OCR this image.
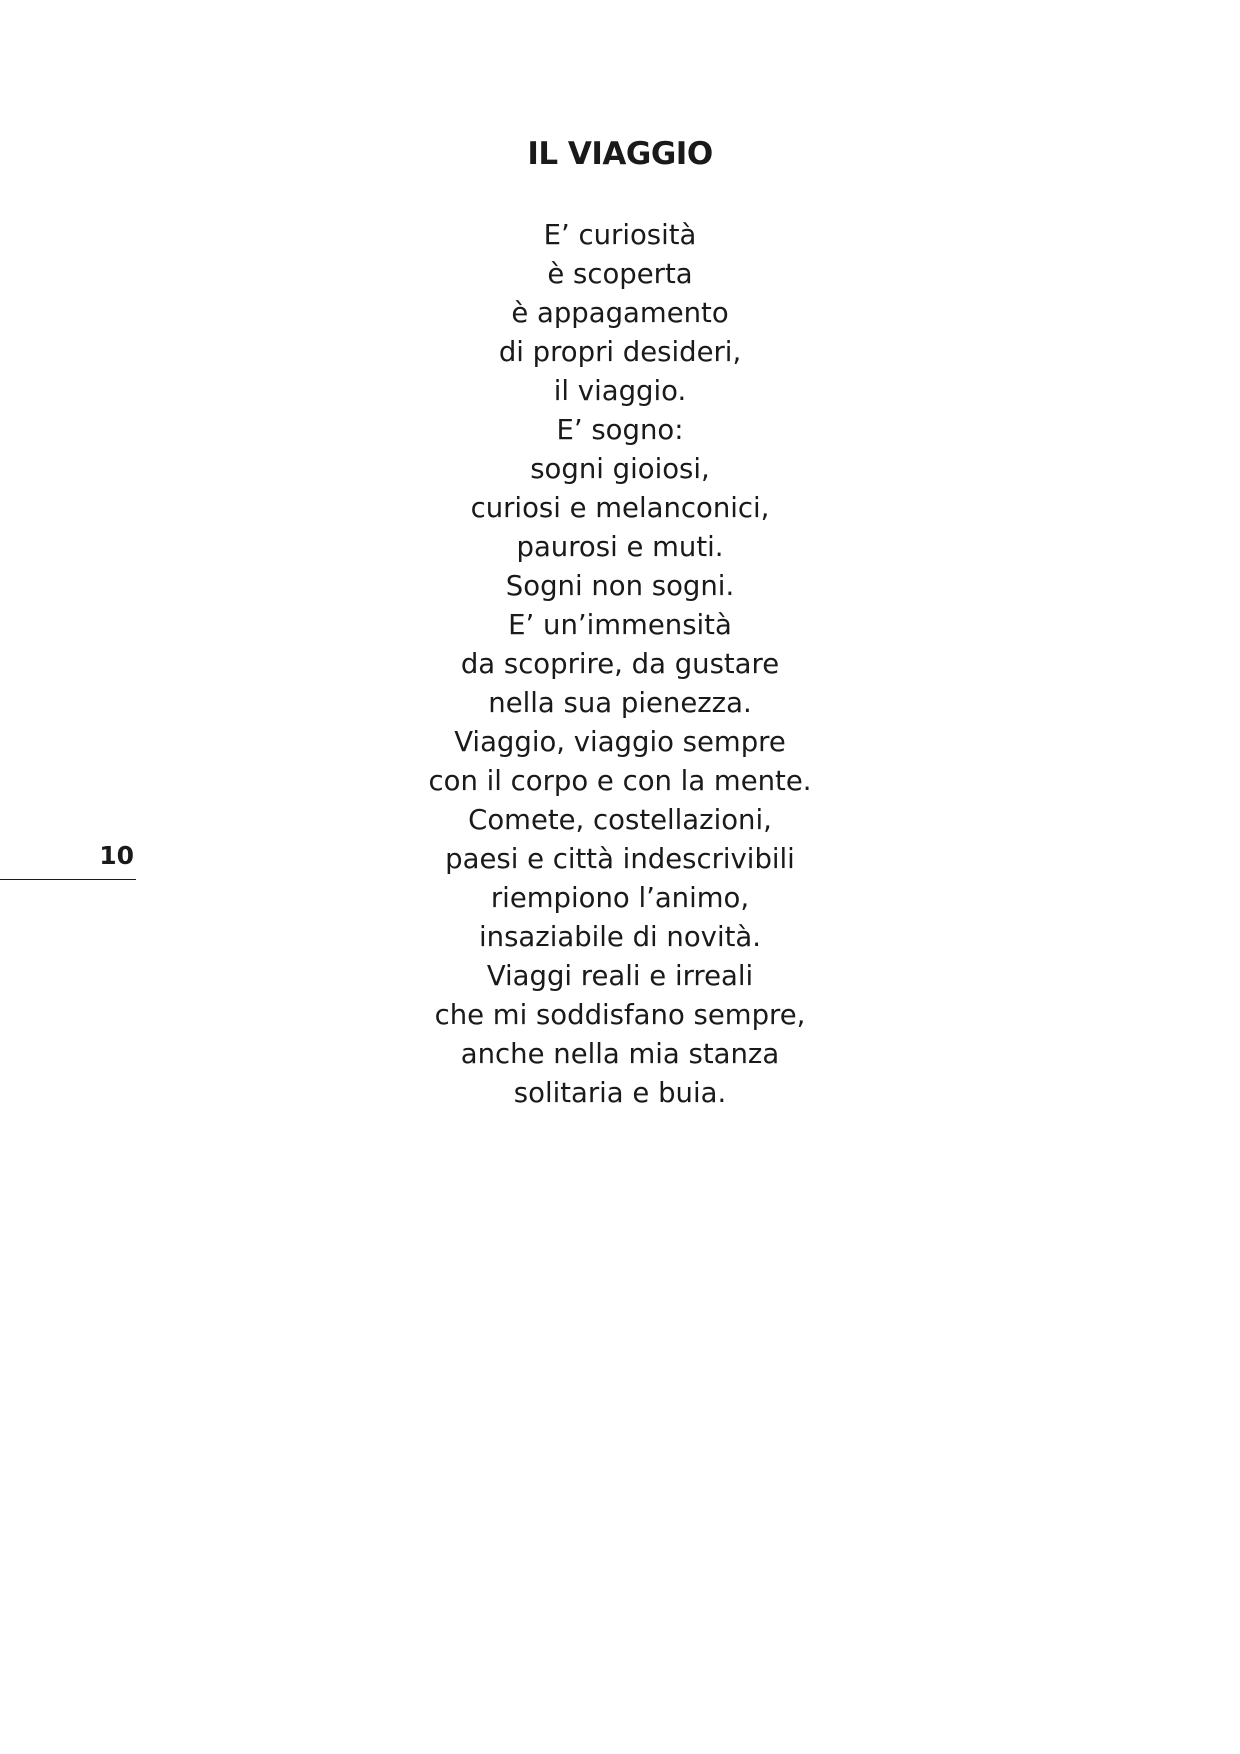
IL VIAGGIO
E’ curiosità
è scoperta
è appagamento
di propri desideri,
il viaggio.
E’ sogno:
sogni gioiosi,
curiosi e melanconici,
paurosi e muti.
Sogni non sogni.
E’ un’immensità
da scoprire, da gustare
nella sua pienezza.
Viaggio, viaggio sempre
con il corpo e con la mente.
Comete, costellazioni,
paesi e città indescrivibili
riempiono l’animo,
insaziabile di novità.
Viaggi reali e irreali
che mi soddisfano sempre,
anche nella mia stanza
solitaria e buia.
10
